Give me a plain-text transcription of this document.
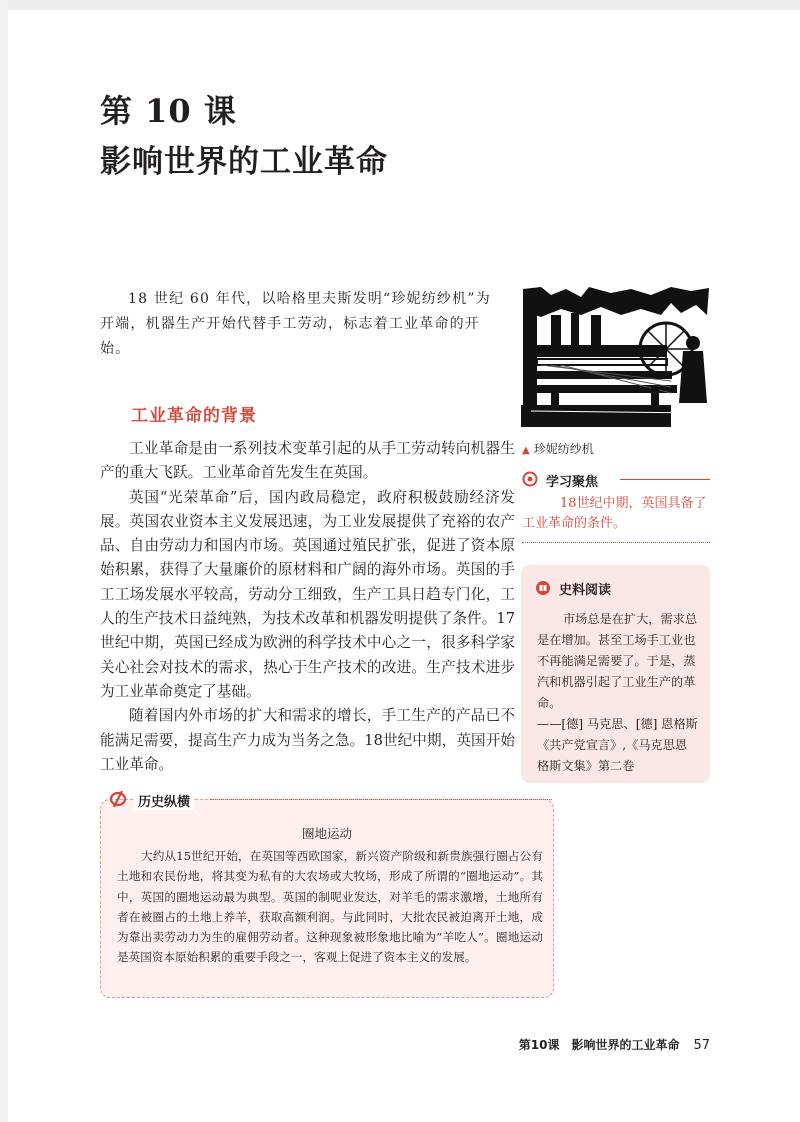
第 10 课
影响世界的工业革命

18 世纪 60 年代，以哈格里夫斯发明“珍妮纺纱机”为开端，机器生产开始代替手工劳动，标志着工业革命的开始。

工业革命的背景

工业革命是由一系列技术变革引起的从手工劳动转向机器生产的重大飞跃。工业革命首先发生在英国。

英国“光荣革命”后，国内政局稳定，政府积极鼓励经济发展。英国农业资本主义发展迅速，为工业发展提供了充裕的农产品、自由劳动力和国内市场。英国通过殖民扩张，促进了资本原始积累，获得了大量廉价的原材料和广阔的海外市场。英国的手工工场发展水平较高，劳动分工细致，生产工具日趋专门化，工人的生产技术日益纯熟，为技术改革和机器发明提供了条件。17世纪中期，英国已经成为欧洲的科学技术中心之一，很多科学家关心社会对技术的需求，热心于生产技术的改进。生产技术进步为工业革命奠定了基础。

随着国内外市场的扩大和需求的增长，手工生产的产品已不能满足需要，提高生产力成为当务之急。18世纪中期，英国开始工业革命。

▲ 珍妮纺纱机
学习聚焦

18世纪中期，英国具备了工业革命的条件。

史料阅读

市场总是在扩大，需求总是在增加。甚至工场手工业也不再能满足需要了。于是，蒸汽和机器引起了工业生产的革命。

——[德] 马克思、[德] 恩格斯《共产党宣言》,《马克思恩格斯文集》第二卷

圈地运动

大约从15世纪开始，在英国等西欧国家，新兴资产阶级和新贵族强行圈占公有土地和农民份地，将其变为私有的大农场或大牧场，形成了所谓的“圈地运动”。其中，英国的圈地运动最为典型。英国的制呢业发达，对羊毛的需求激增，土地所有者在被圈占的土地上养羊，获取高额利润。与此同时，大批农民被迫离开土地，成为靠出卖劳动力为生的雇佣劳动者。这种现象被形象地比喻为“羊吃人”。圈地运动是英国资本原始积累的重要手段之一，客观上促进了资本主义的发展。

历史纵横
第10课　影响世界的工业革命 57
